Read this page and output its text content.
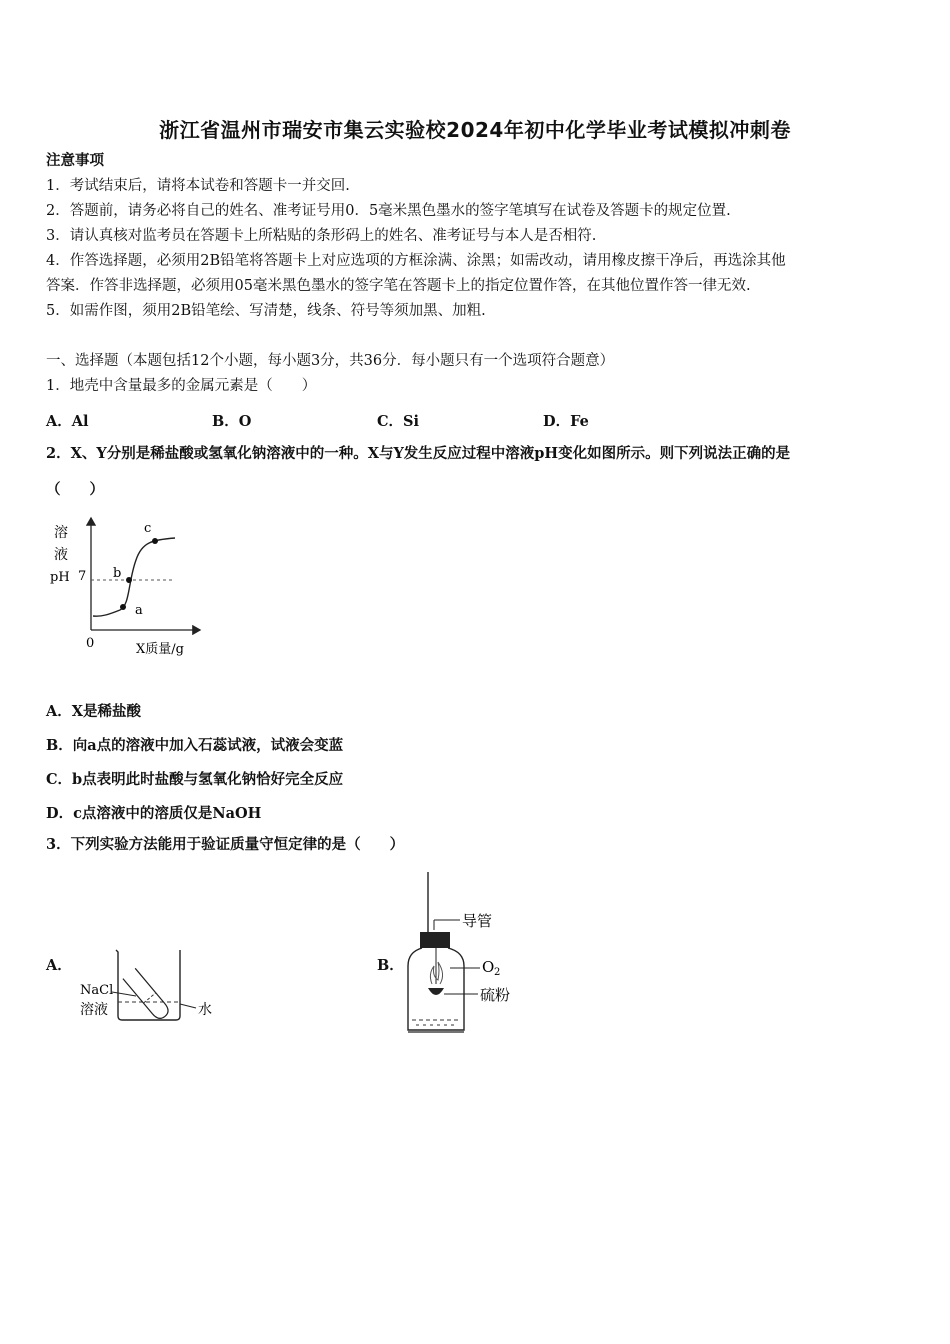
浙江省温州市瑞安市集云实验校2024年初中化学毕业考试模拟冲刺卷
注意事项
1．考试结束后，请将本试卷和答题卡一并交回.
2．答题前，请务必将自己的姓名、准考证号用0．5毫米黑色墨水的签字笔填写在试卷及答题卡的规定位置.
3．请认真核对监考员在答题卡上所粘贴的条形码上的姓名、准考证号与本人是否相符.
4．作答选择题，必须用2B铅笔将答题卡上对应选项的方框涂满、涂黑；如需改动，请用橡皮擦干净后，再选涂其他
答案．作答非选择题，必须用05毫米黑色墨水的签字笔在答题卡上的指定位置作答，在其他位置作答一律无效.
5．如需作图，须用2B铅笔绘、写清楚，线条、符号等须加黑、加粗.
一、选择题（本题包括12个小题，每小题3分，共36分．每小题只有一个选项符合题意）
1．地壳中含量最多的金属元素是（　　）
A．Al	B．O	C．Si	D．Fe
2．X、Y分别是稀盐酸或氢氧化钠溶液中的一种。X与Y发生反应过程中溶液pH变化如图所示。则下列说法正确的是
（　　）
溶
液
pH 7
0	X质量/g
a
b
c
A．X是稀盐酸
B．向a点的溶液中加入石蕊试液，试液会变蓝
C．b点表明此时盐酸与氢氧化钠恰好完全反应
D．c点溶液中的溶质仅是NaOH
3．下列实验方法能用于验证质量守恒定律的是（　　）
A．
水
NaCl
溶液
B．
导管
O 2
硫粉
